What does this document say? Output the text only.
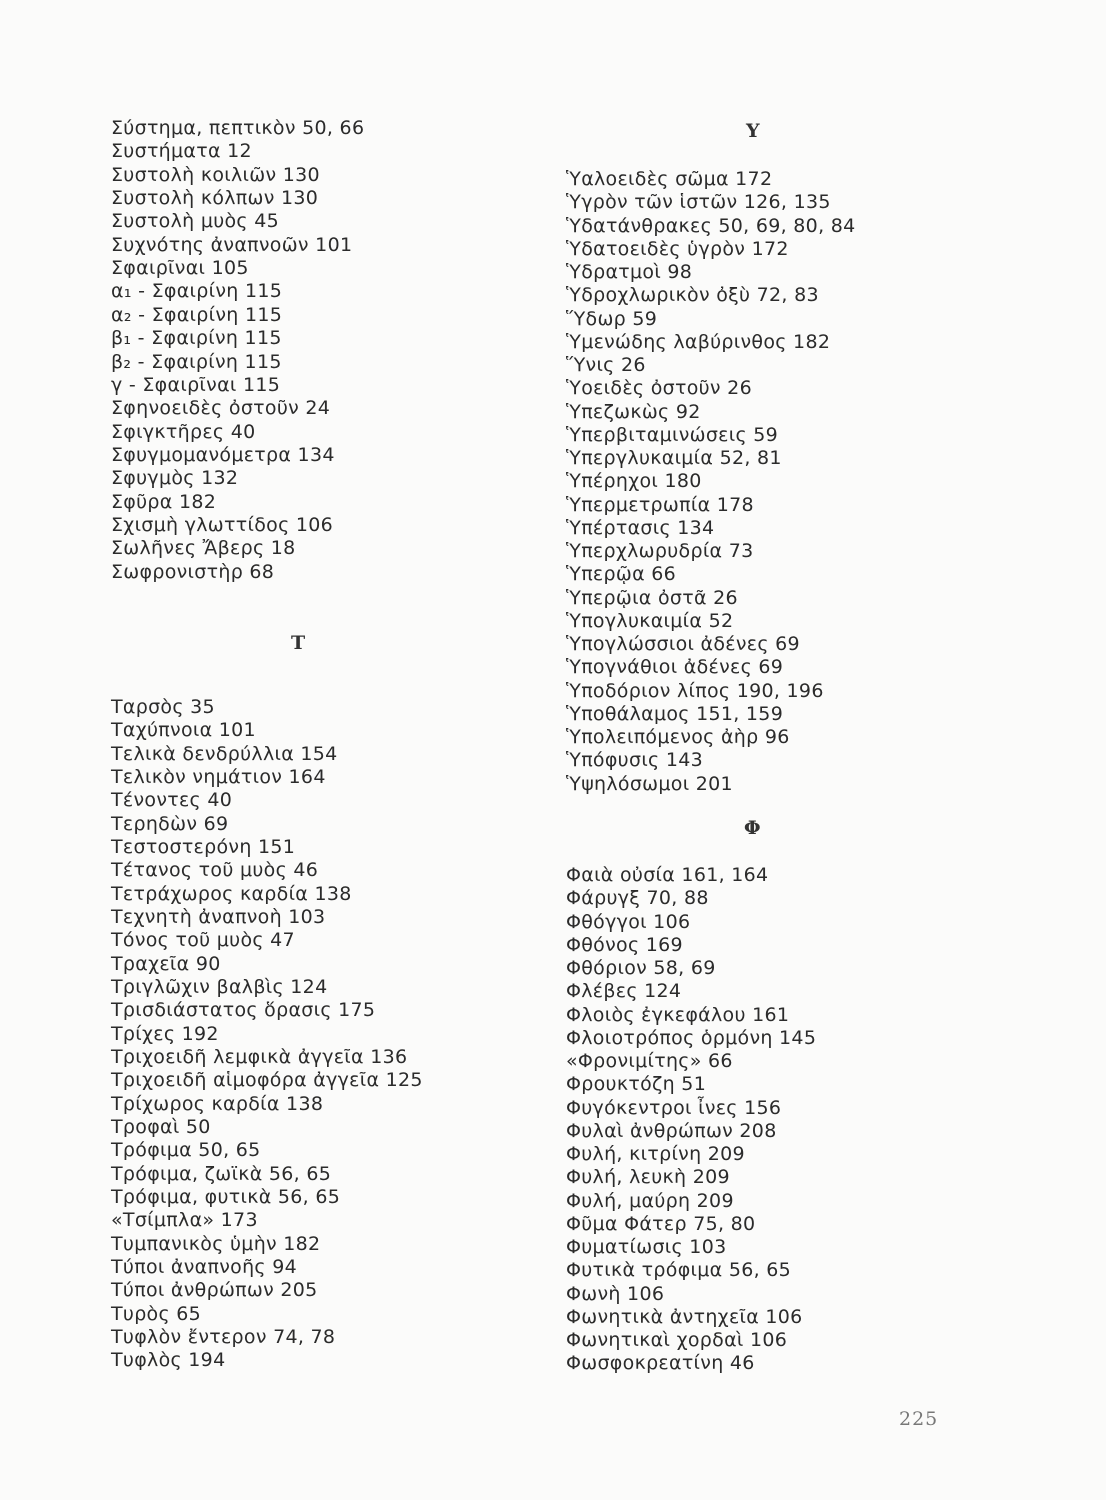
Σύστημα, πεπτικὸν 50, 66
Συστήματα 12
Συστολὴ κοιλιῶν 130
Συστολὴ κόλπων 130
Συστολὴ μυὸς 45
Συχνότης ἀναπνοῶν 101
Σφαιρῖναι 105
α₁ - Σφαιρίνη 115
α₂ - Σφαιρίνη 115
β₁ - Σφαιρίνη 115
β₂ - Σφαιρίνη 115
γ - Σφαιρῖναι 115
Σφηνοειδὲς ὀστοῦν 24
Σφιγκτῆρες 40
Σφυγμομανόμετρα 134
Σφυγμὸς 132
Σφῦρα 182
Σχισμὴ γλωττίδος 106
Σωλῆνες Ἄβερς 18
Σωφρονιστὴρ 68
Τ
Ταρσὸς 35
Ταχύπνοια 101
Τελικὰ δενδρύλλια 154
Τελικὸν νημάτιον 164
Τένοντες 40
Τερηδὼν 69
Τεστοστερόνη 151
Τέτανος τοῦ μυὸς 46
Τετράχωρος καρδία 138
Τεχνητὴ ἀναπνοὴ 103
Τόνος τοῦ μυὸς 47
Τραχεῖα 90
Τριγλῶχιν βαλβὶς 124
Τρισδιάστατος ὅρασις 175
Τρίχες 192
Τριχοειδῆ λεμφικὰ ἀγγεῖα 136
Τριχοειδῆ αἱμοφόρα ἀγγεῖα 125
Τρίχωρος καρδία 138
Τροφαὶ 50
Τρόφιμα 50, 65
Τρόφιμα, ζωϊκὰ 56, 65
Τρόφιμα, φυτικὰ 56, 65
«Τσίμπλα» 173
Τυμπανικὸς ὑμὴν 182
Τύποι ἀναπνοῆς 94
Τύποι ἀνθρώπων 205
Τυρὸς 65
Τυφλὸν ἔντερον 74, 78
Τυφλὸς 194
Υ
Ὑαλοειδὲς σῶμα 172
Ὑγρὸν τῶν ἱστῶν 126, 135
Ὑδατάνθρακες 50, 69, 80, 84
Ὑδατοειδὲς ὑγρὸν 172
Ὑδρατμοὶ 98
Ὑδροχλωρικὸν ὀξὺ 72, 83
Ὕδωρ 59
Ὑμενώδης λαβύρινθος 182
Ὕνις 26
Ὑοειδὲς ὀστοῦν 26
Ὑπεζωκὼς 92
Ὑπερβιταμινώσεις 59
Ὑπεργλυκαιμία 52, 81
Ὑπέρηχοι 180
Ὑπερμετρωπία 178
Ὑπέρτασις 134
Ὑπερχλωρυδρία 73
Ὑπερῷα 66
Ὑπερῷια ὀστᾶ 26
Ὑπογλυκαιμία 52
Ὑπογλώσσιοι ἀδένες 69
Ὑπογνάθιοι ἀδένες 69
Ὑποδόριον λίπος 190, 196
Ὑποθάλαμος 151, 159
Ὑπολειπόμενος ἀὴρ 96
Ὑπόφυσις 143
Ὑψηλόσωμοι 201
Φ
Φαιὰ οὐσία 161, 164
Φάρυγξ 70, 88
Φθόγγοι 106
Φθόνος 169
Φθόριον 58, 69
Φλέβες 124
Φλοιὸς ἐγκεφάλου 161
Φλοιοτρόπος ὁρμόνη 145
«Φρονιμίτης» 66
Φρουκτόζη 51
Φυγόκεντροι ἶνες 156
Φυλαὶ ἀνθρώπων 208
Φυλή, κιτρίνη 209
Φυλή, λευκὴ 209
Φυλή, μαύρη 209
Φῦμα Φάτερ 75, 80
Φυματίωσις 103
Φυτικὰ τρόφιμα 56, 65
Φωνὴ 106
Φωνητικὰ ἀντηχεῖα 106
Φωνητικαὶ χορδαὶ 106
Φωσφοκρεατίνη 46
225
